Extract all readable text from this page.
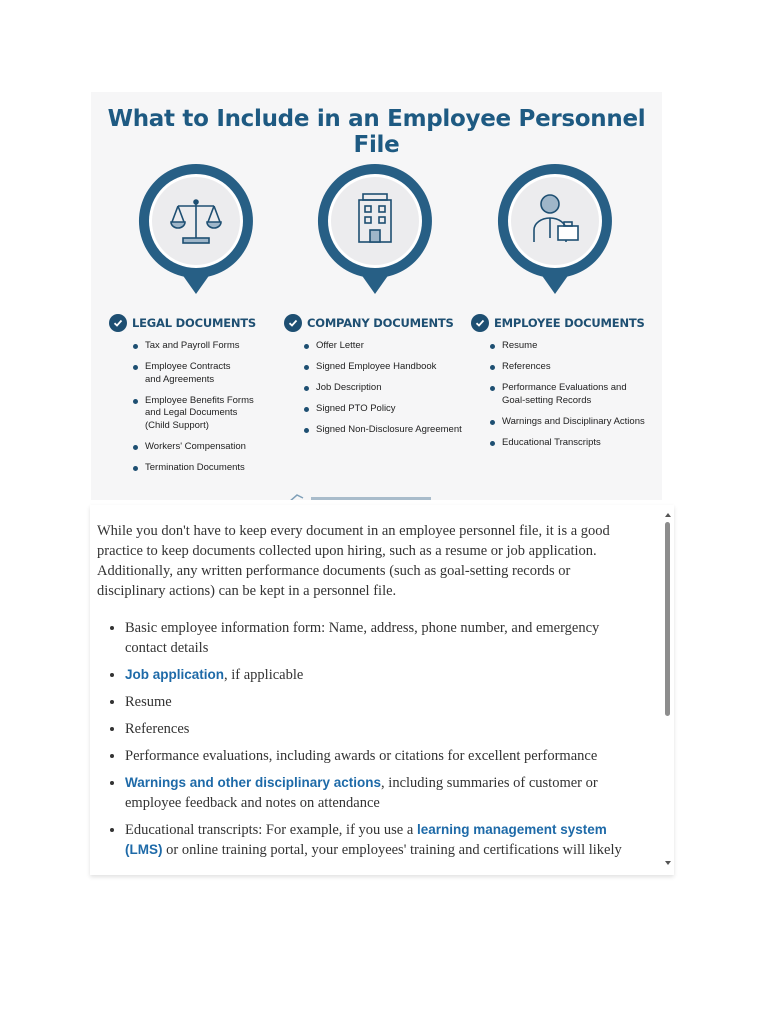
What to Include in an Employee Personnel File
LEGAL DOCUMENTS
Tax and Payroll Forms
Employee Contracts
and Agreements
Employee Benefits Forms
and Legal Documents
(Child Support)
Workers' Compensation
Termination Documents
COMPANY DOCUMENTS
Offer Letter
Signed Employee Handbook
Job Description
Signed PTO Policy
Signed Non-Disclosure Agreement
EMPLOYEE DOCUMENTS
Resume
References
Performance Evaluations and
Goal-setting Records
Warnings and Disciplinary Actions
Educational Transcripts

While you don't have to keep every document in an employee personnel file, it is a good practice to keep documents collected upon hiring, such as a resume or job application. Additionally, any written performance documents (such as goal-setting records or disciplinary actions) can be kept in a personnel file.

• Basic employee information form: Name, address, phone number, and emergency contact details
• Job application, if applicable
• Resume
• References
• Performance evaluations, including awards or citations for excellent performance
• Warnings and other disciplinary actions, including summaries of customer or employee feedback and notes on attendance
• Educational transcripts: For example, if you use a learning management system (LMS) or online training portal, your employees' training and certifications will likely
